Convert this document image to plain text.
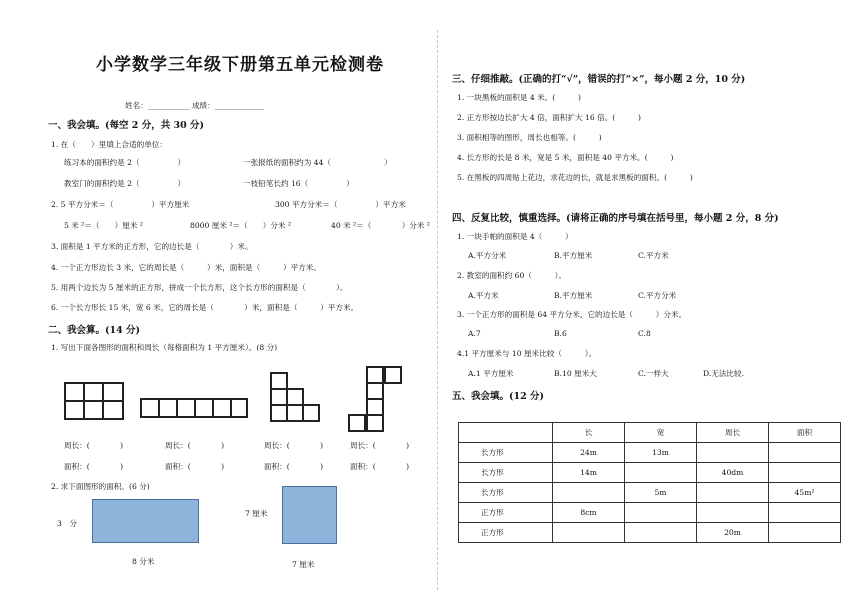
小学数学三年级下册第五单元检测卷
姓名：___________ 成绩：_____________
一、我会填。(每空 2 分，共 30 分)
1. 在（　　）里填上合适的单位：
练习本的面积约是 2（　　　　　）	一张报纸的面积约为 44（　　　　　　　）
教室门的面积约是 2（　　　　　）	一枝铅笔长约 16（　　　　　）
2. 5 平方分米＝（　　　　　）平方厘米	300 平方分米＝（　　　　　）平方米
5 米 ²＝（　　）厘米 ²	8000 厘米 ²＝（　　）分米 ²	40 米 ²＝（　　　　）分米 ²
3. 面积是 1 平方米的正方形，它的边长是（　　　　）米。
4. 一个正方形边长 3 米，它的周长是（　　　）米，面积是（　　　）平方米。
5. 用两个边长为 5 厘米的正方形，拼成一个长方形，这个长方形的面积是（　　　　）。
6. 一个长方形长 15 米，宽 6 米，它的周长是（　　　　）米，面积是（　　　）平方米。
二、我会算。(14 分)
1. 写出下面各图形的面积和周长（每格面积为 1 平方厘米）。(8 分)
周长：(　　　　)	周长：(　　　　)	周长：(　　　　)	周长：(　　　　)
面积：(　　　　)	面积：(　　　　)	面积：(　　　　)	面积：(　　　　)
2. 求下面图形的面积。(6 分)
3　分
8 分米
7 厘米
7 厘米
三、仔细推敲。(正确的打“√”，错误的打“×”，每小题 2 分，10 分)
1. 一块黑板的面积是 4 米。(　　　)
2. 正方形按边长扩大 4 倍，面积扩大 16 倍。(　　　)
3. 面积相等的图形，周长也相等。(　　　)
4. 长方形的长是 8 米，宽是 5 米，面积是 40 平方米。(　　　)
5. 在黑板的四周贴上花边，求花边的长，就是求黑板的面积。(　　　)
四、反复比较，慎重选择。(请将正确的序号填在括号里，每小题 2 分，8 分)
1. 一块手帕的面积是 4（　　　）
A.平方分米	B.平方厘米	C.平方米
2. 教室的面积约 60（　　　）。
A.平方米	B.平方厘米	C.平方分米
3. 一个正方形的面积是 64 平方分米，它的边长是（　　　）分米。
A.7	B.6	C.8
4.1 平方厘米与 10 厘米比较（　　　）。
A.1 平方厘米	B.10 厘米大	C.一样大	D.无法比较.
五、我会填。(12 分)
	长	宽	周长	面积
长方形	24m	13m		
长方形	14m		40dm	
长方形		5m		45m²
正方形	8cm			
正方形			20m	
